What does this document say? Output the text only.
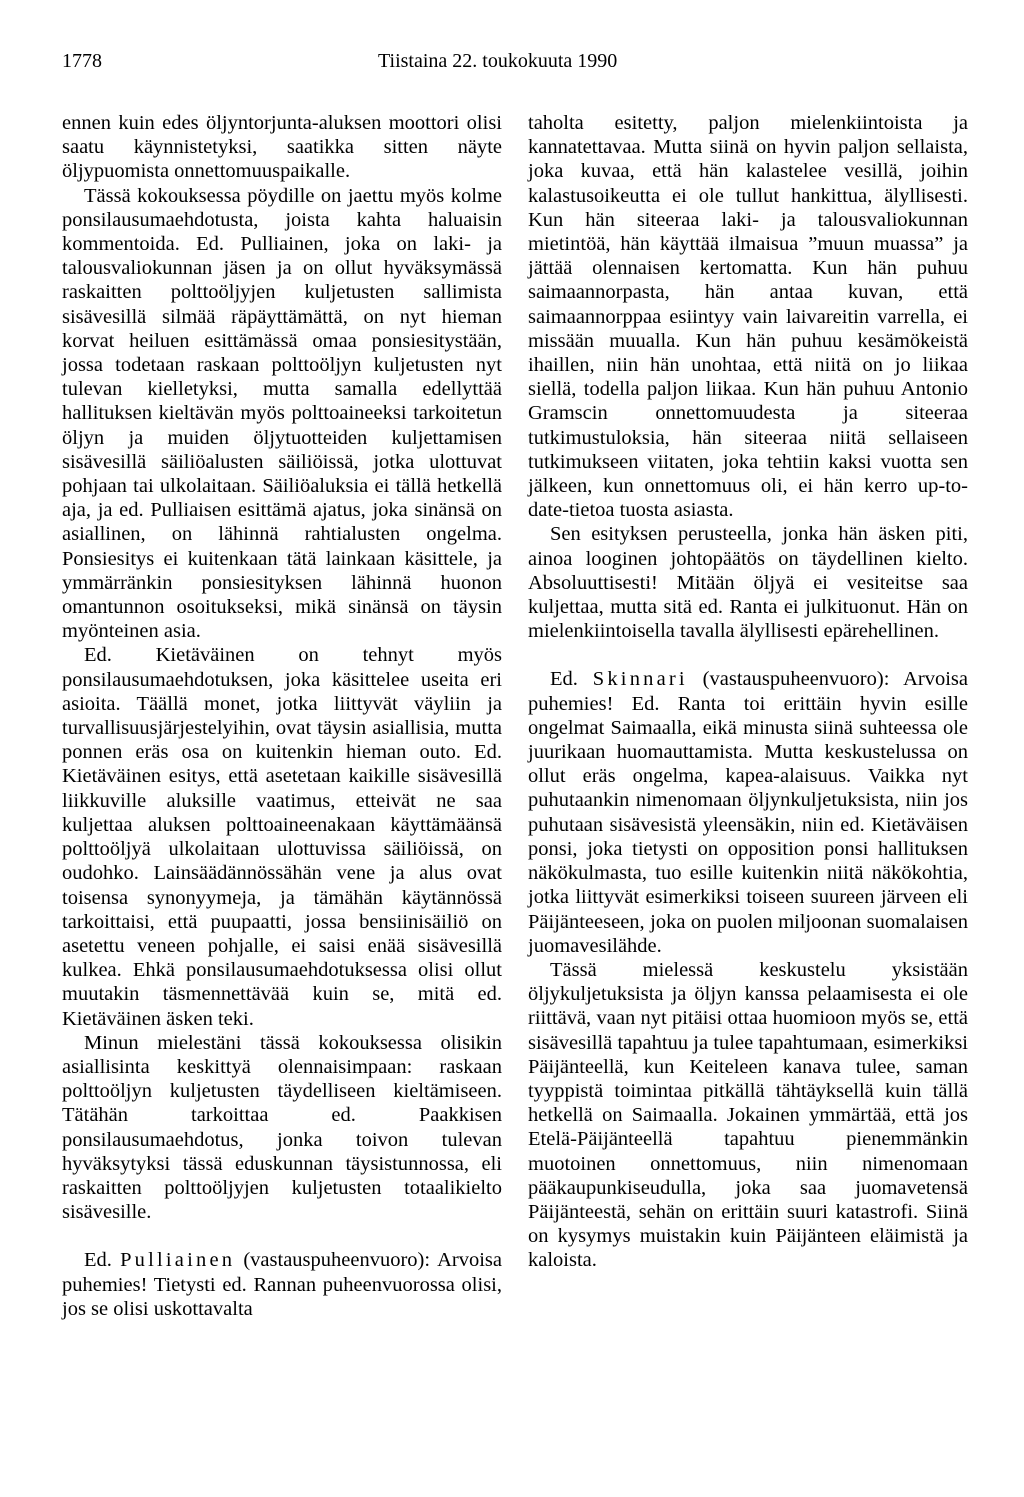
1778	Tiistaina 22. toukokuuta 1990

ennen kuin edes öljyntorjunta-aluksen moottori olisi saatu käynnistetyksi, saatikka sitten näyte öljypuomista onnettomuuspaikalle.

Tässä kokouksessa pöydille on jaettu myös kolme ponsilausumaehdotusta, joista kahta haluaisin kommentoida. Ed. Pulliainen, joka on laki- ja talousvaliokunnan jäsen ja on ollut hyväksymässä raskaitten polttoöljyjen kuljetusten sallimista sisävesillä silmää räpäyttämättä, on nyt hieman korvat heiluen esittämässä omaa ponsiesitystään, jossa todetaan raskaan polttoöljyn kuljetusten nyt tulevan kielletyksi, mutta samalla edellyttää hallituksen kieltävän myös polttoaineeksi tarkoitetun öljyn ja muiden öljytuotteiden kuljettamisen sisävesillä säiliöalusten säiliöissä, jotka ulottuvat pohjaan tai ulkolaitaan. Säiliöaluksia ei tällä hetkellä aja, ja ed. Pulliaisen esittämä ajatus, joka sinänsä on asiallinen, on lähinnä rahtialusten ongelma. Ponsiesitys ei kuitenkaan tätä lainkaan käsittele, ja ymmärränkin ponsiesityksen lähinnä huonon omantunnon osoitukseksi, mikä sinänsä on täysin myönteinen asia.

Ed. Kietäväinen on tehnyt myös ponsilausumaehdotuksen, joka käsittelee useita eri asioita. Täällä monet, jotka liittyvät väyliin ja turvallisuusjärjestelyihin, ovat täysin asiallisia, mutta ponnen eräs osa on kuitenkin hieman outo. Ed. Kietäväinen esitys, että asetetaan kaikille sisävesillä liikkuville aluksille vaatimus, etteivät ne saa kuljettaa aluksen polttoaineenakaan käyttämäänsä polttoöljyä ulkolaitaan ulottuvissa säiliöissä, on oudohko. Lainsäädännössähän vene ja alus ovat toisensa synonyymeja, ja tämähän käytännössä tarkoittaisi, että puupaatti, jossa bensiinisäiliö on asetettu veneen pohjalle, ei saisi enää sisävesillä kulkea. Ehkä ponsilausumaehdotuksessa olisi ollut muutakin täsmennettävää kuin se, mitä ed. Kietäväinen äsken teki.

Minun mielestäni tässä kokouksessa olisikin asiallisinta keskittyä olennaisimpaan: raskaan polttoöljyn kuljetusten täydelliseen kieltämiseen. Tätähän tarkoittaa ed. Paakkisen ponsilausumaehdotus, jonka toivon tulevan hyväksytyksi tässä eduskunnan täysistunnossa, eli raskaitten polttoöljyjen kuljetusten totaalikielto sisävesille.

Ed. Pulliainen (vastauspuheenvuoro): Arvoisa puhemies! Tietysti ed. Rannan puheenvuorossa olisi, jos se olisi uskottavalta

taholta esitetty, paljon mielenkiintoista ja kannatettavaa. Mutta siinä on hyvin paljon sellaista, joka kuvaa, että hän kalastelee vesillä, joihin kalastusoikeutta ei ole tullut hankittua, älyllisesti. Kun hän siteeraa laki- ja talousvaliokunnan mietintöä, hän käyttää ilmaisua ”muun muassa” ja jättää olennaisen kertomatta. Kun hän puhuu saimaannorpasta, hän antaa kuvan, että saimaannorppaa esiintyy vain laivareitin varrella, ei missään muualla. Kun hän puhuu kesämökeistä ihaillen, niin hän unohtaa, että niitä on jo liikaa siellä, todella paljon liikaa. Kun hän puhuu Antonio Gramscin onnettomuudesta ja siteeraa tutkimustuloksia, hän siteeraa niitä sellaiseen tutkimukseen viitaten, joka tehtiin kaksi vuotta sen jälkeen, kun onnettomuus oli, ei hän kerro up-to-date-tietoa tuosta asiasta.

Sen esityksen perusteella, jonka hän äsken piti, ainoa looginen johtopäätös on täydellinen kielto. Absoluuttisesti! Mitään öljyä ei vesiteitse saa kuljettaa, mutta sitä ed. Ranta ei julkituonut. Hän on mielenkiintoisella tavalla älyllisesti epärehellinen.

Ed. Skinnari (vastauspuheenvuoro): Arvoisa puhemies! Ed. Ranta toi erittäin hyvin esille ongelmat Saimaalla, eikä minusta siinä suhteessa ole juurikaan huomauttamista. Mutta keskustelussa on ollut eräs ongelma, kapea-alaisuus. Vaikka nyt puhutaankin nimenomaan öljynkuljetuksista, niin jos puhutaan sisävesistä yleensäkin, niin ed. Kietäväisen ponsi, joka tietysti on opposition ponsi hallituksen näkökulmasta, tuo esille kuitenkin niitä näkökohtia, jotka liittyvät esimerkiksi toiseen suureen järveen eli Päijänteeseen, joka on puolen miljoonan suomalaisen juomavesilähde.

Tässä mielessä keskustelu yksistään öljykuljetuksista ja öljyn kanssa pelaamisesta ei ole riittävä, vaan nyt pitäisi ottaa huomioon myös se, että sisävesillä tapahtuu ja tulee tapahtumaan, esimerkiksi Päijänteellä, kun Keiteleen kanava tulee, saman tyyppistä toimintaa pitkällä tähtäyksellä kuin tällä hetkellä on Saimaalla. Jokainen ymmärtää, että jos Etelä-Päijänteellä tapahtuu pienemmänkin muotoinen onnettomuus, niin nimenomaan pääkaupunkiseudulla, joka saa juomavetensä Päijänteestä, sehän on erittäin suuri katastrofi. Siinä on kysymys muistakin kuin Päijänteen eläimistä ja kaloista.
